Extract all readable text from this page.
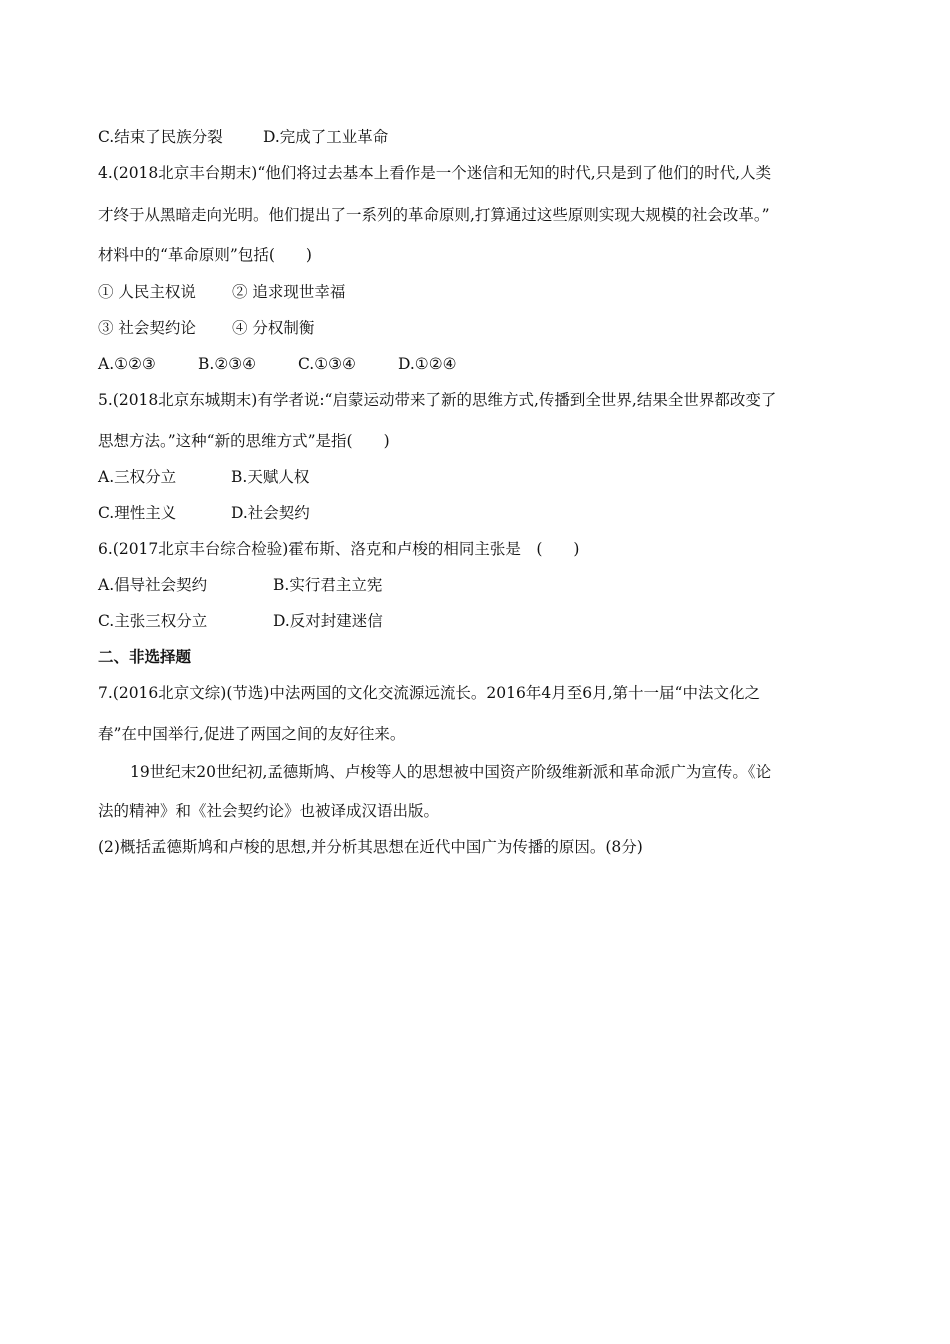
C.结束了民族分裂	D.完成了工业革命
4.(2018北京丰台期末)“他们将过去基本上看作是一个迷信和无知的时代,只是到了他们的时代,人类
才终于从黑暗走向光明。他们提出了一系列的革命原则,打算通过这些原则实现大规模的社会改革。”
材料中的“革命原则”包括(　　)
① 人民主权说 ② 追求现世幸福
③ 社会契约论 ④ 分权制衡
A.①②③	B.②③④	C.①③④	D.①②④
5.(2018北京东城期末)有学者说:“启蒙运动带来了新的思维方式,传播到全世界,结果全世界都改变了
思想方法。”这种“新的思维方式”是指(　　)
A.三权分立	B.天赋人权
C.理性主义	D.社会契约
6.(2017北京丰台综合检验)霍布斯、洛克和卢梭的相同主张是　(　　)
A.倡导社会契约	B.实行君主立宪
C.主张三权分立	D.反对封建迷信
二、非选择题
7.(2016北京文综)(节选)中法两国的文化交流源远流长。2016年4月至6月,第十一届“中法文化之
春”在中国举行,促进了两国之间的友好往来。
19世纪末20世纪初,孟德斯鸠、卢梭等人的思想被中国资产阶级维新派和革命派广为宣传。《论
法的精神》和《社会契约论》也被译成汉语出版。
(2)概括孟德斯鸠和卢梭的思想,并分析其思想在近代中国广为传播的原因。(8分)
